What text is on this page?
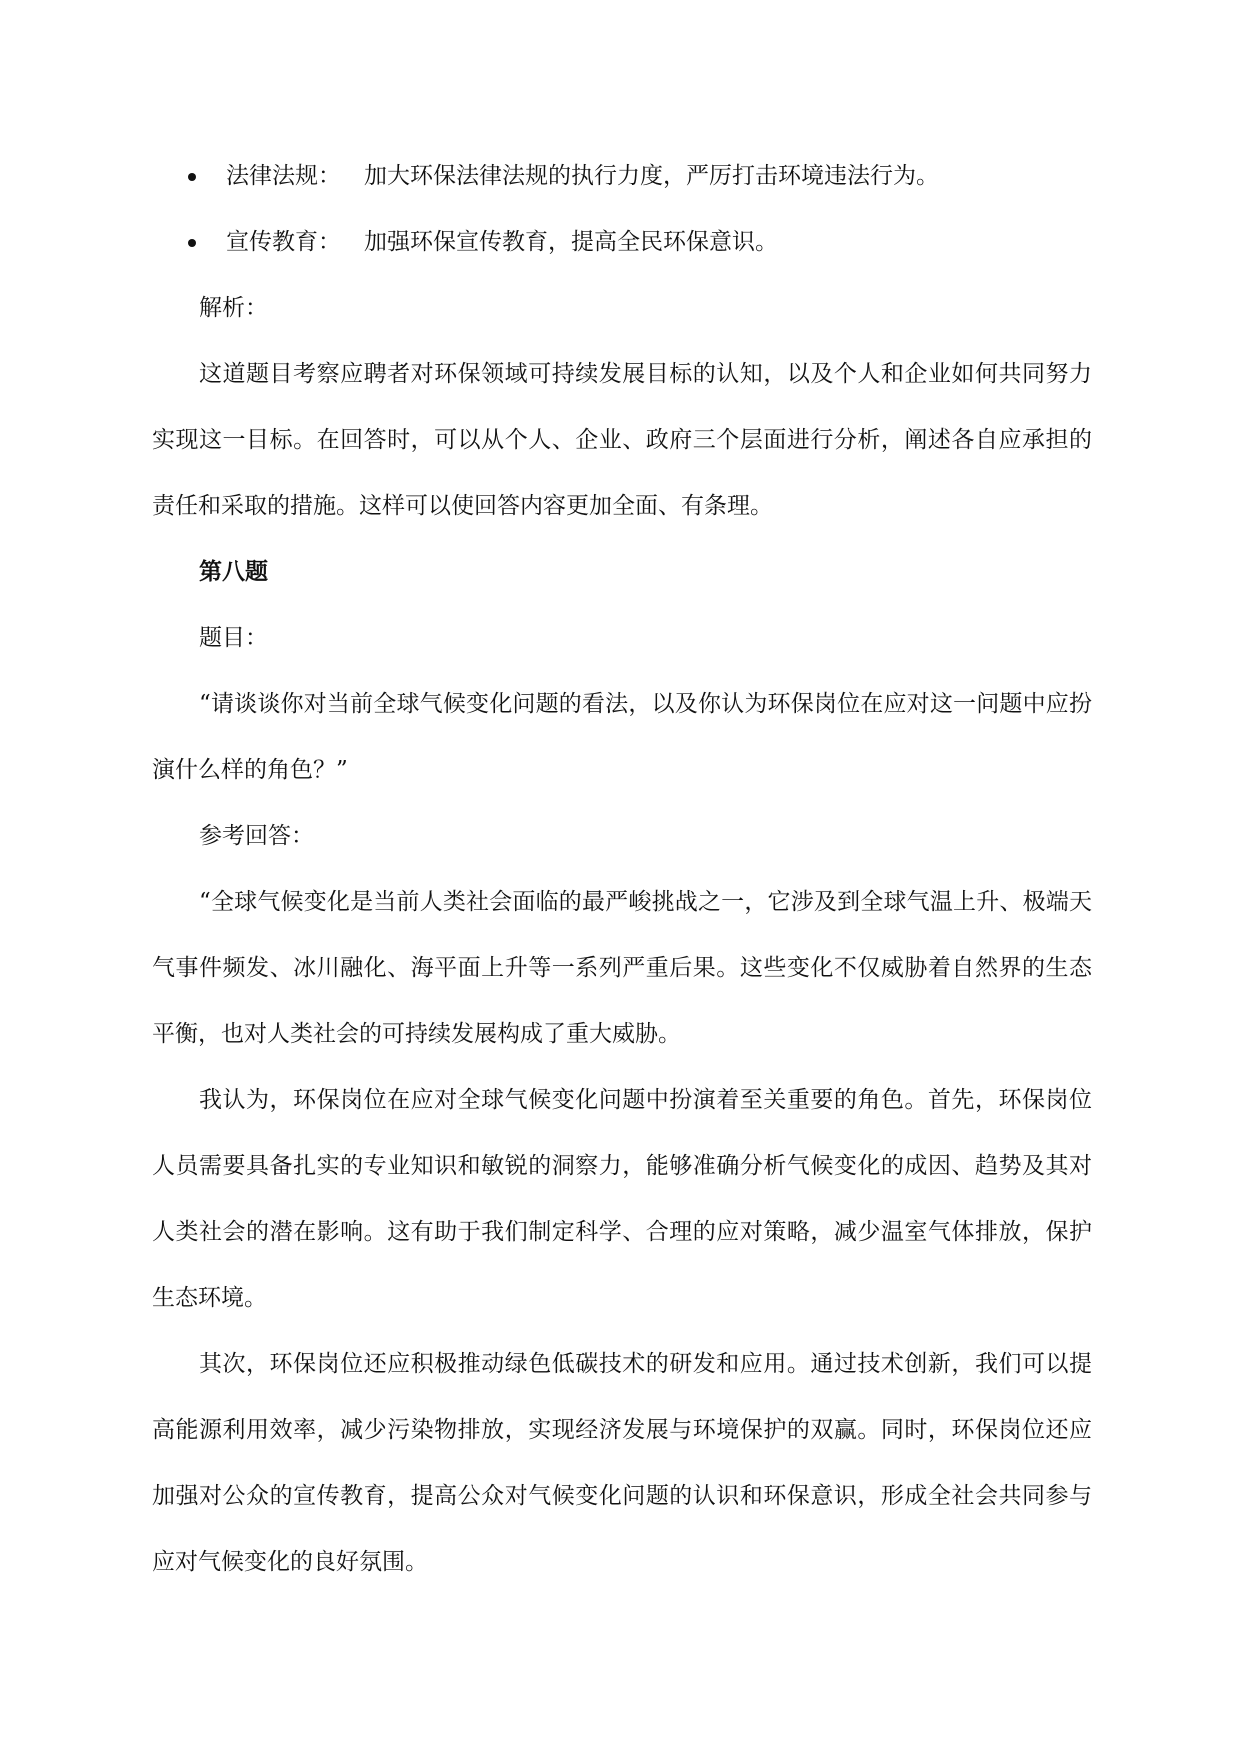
法律法规： 加大环保法律法规的执行力度，严厉打击环境违法行为。
宣传教育： 加强环保宣传教育，提高全民环保意识。

解析：

这道题目考察应聘者对环保领域可持续发展目标的认知，以及个人和企业如何共同努力实现这一目标。在回答时，可以从个人、企业、政府三个层面进行分析，阐述各自应承担的责任和采取的措施。这样可以使回答内容更加全面、有条理。

第八题

题目：

“请谈谈你对当前全球气候变化问题的看法，以及你认为环保岗位在应对这一问题中应扮演什么样的角色？”

参考回答：

“全球气候变化是当前人类社会面临的最严峻挑战之一，它涉及到全球气温上升、极端天气事件频发、冰川融化、海平面上升等一系列严重后果。这些变化不仅威胁着自然界的生态平衡，也对人类社会的可持续发展构成了重大威胁。

我认为，环保岗位在应对全球气候变化问题中扮演着至关重要的角色。首先，环保岗位人员需要具备扎实的专业知识和敏锐的洞察力，能够准确分析气候变化的成因、趋势及其对人类社会的潜在影响。这有助于我们制定科学、合理的应对策略，减少温室气体排放，保护生态环境。

其次，环保岗位还应积极推动绿色低碳技术的研发和应用。通过技术创新，我们可以提高能源利用效率，减少污染物排放，实现经济发展与环境保护的双赢。同时，环保岗位还应加强对公众的宣传教育，提高公众对气候变化问题的认识和环保意识，形成全社会共同参与应对气候变化的良好氛围。
